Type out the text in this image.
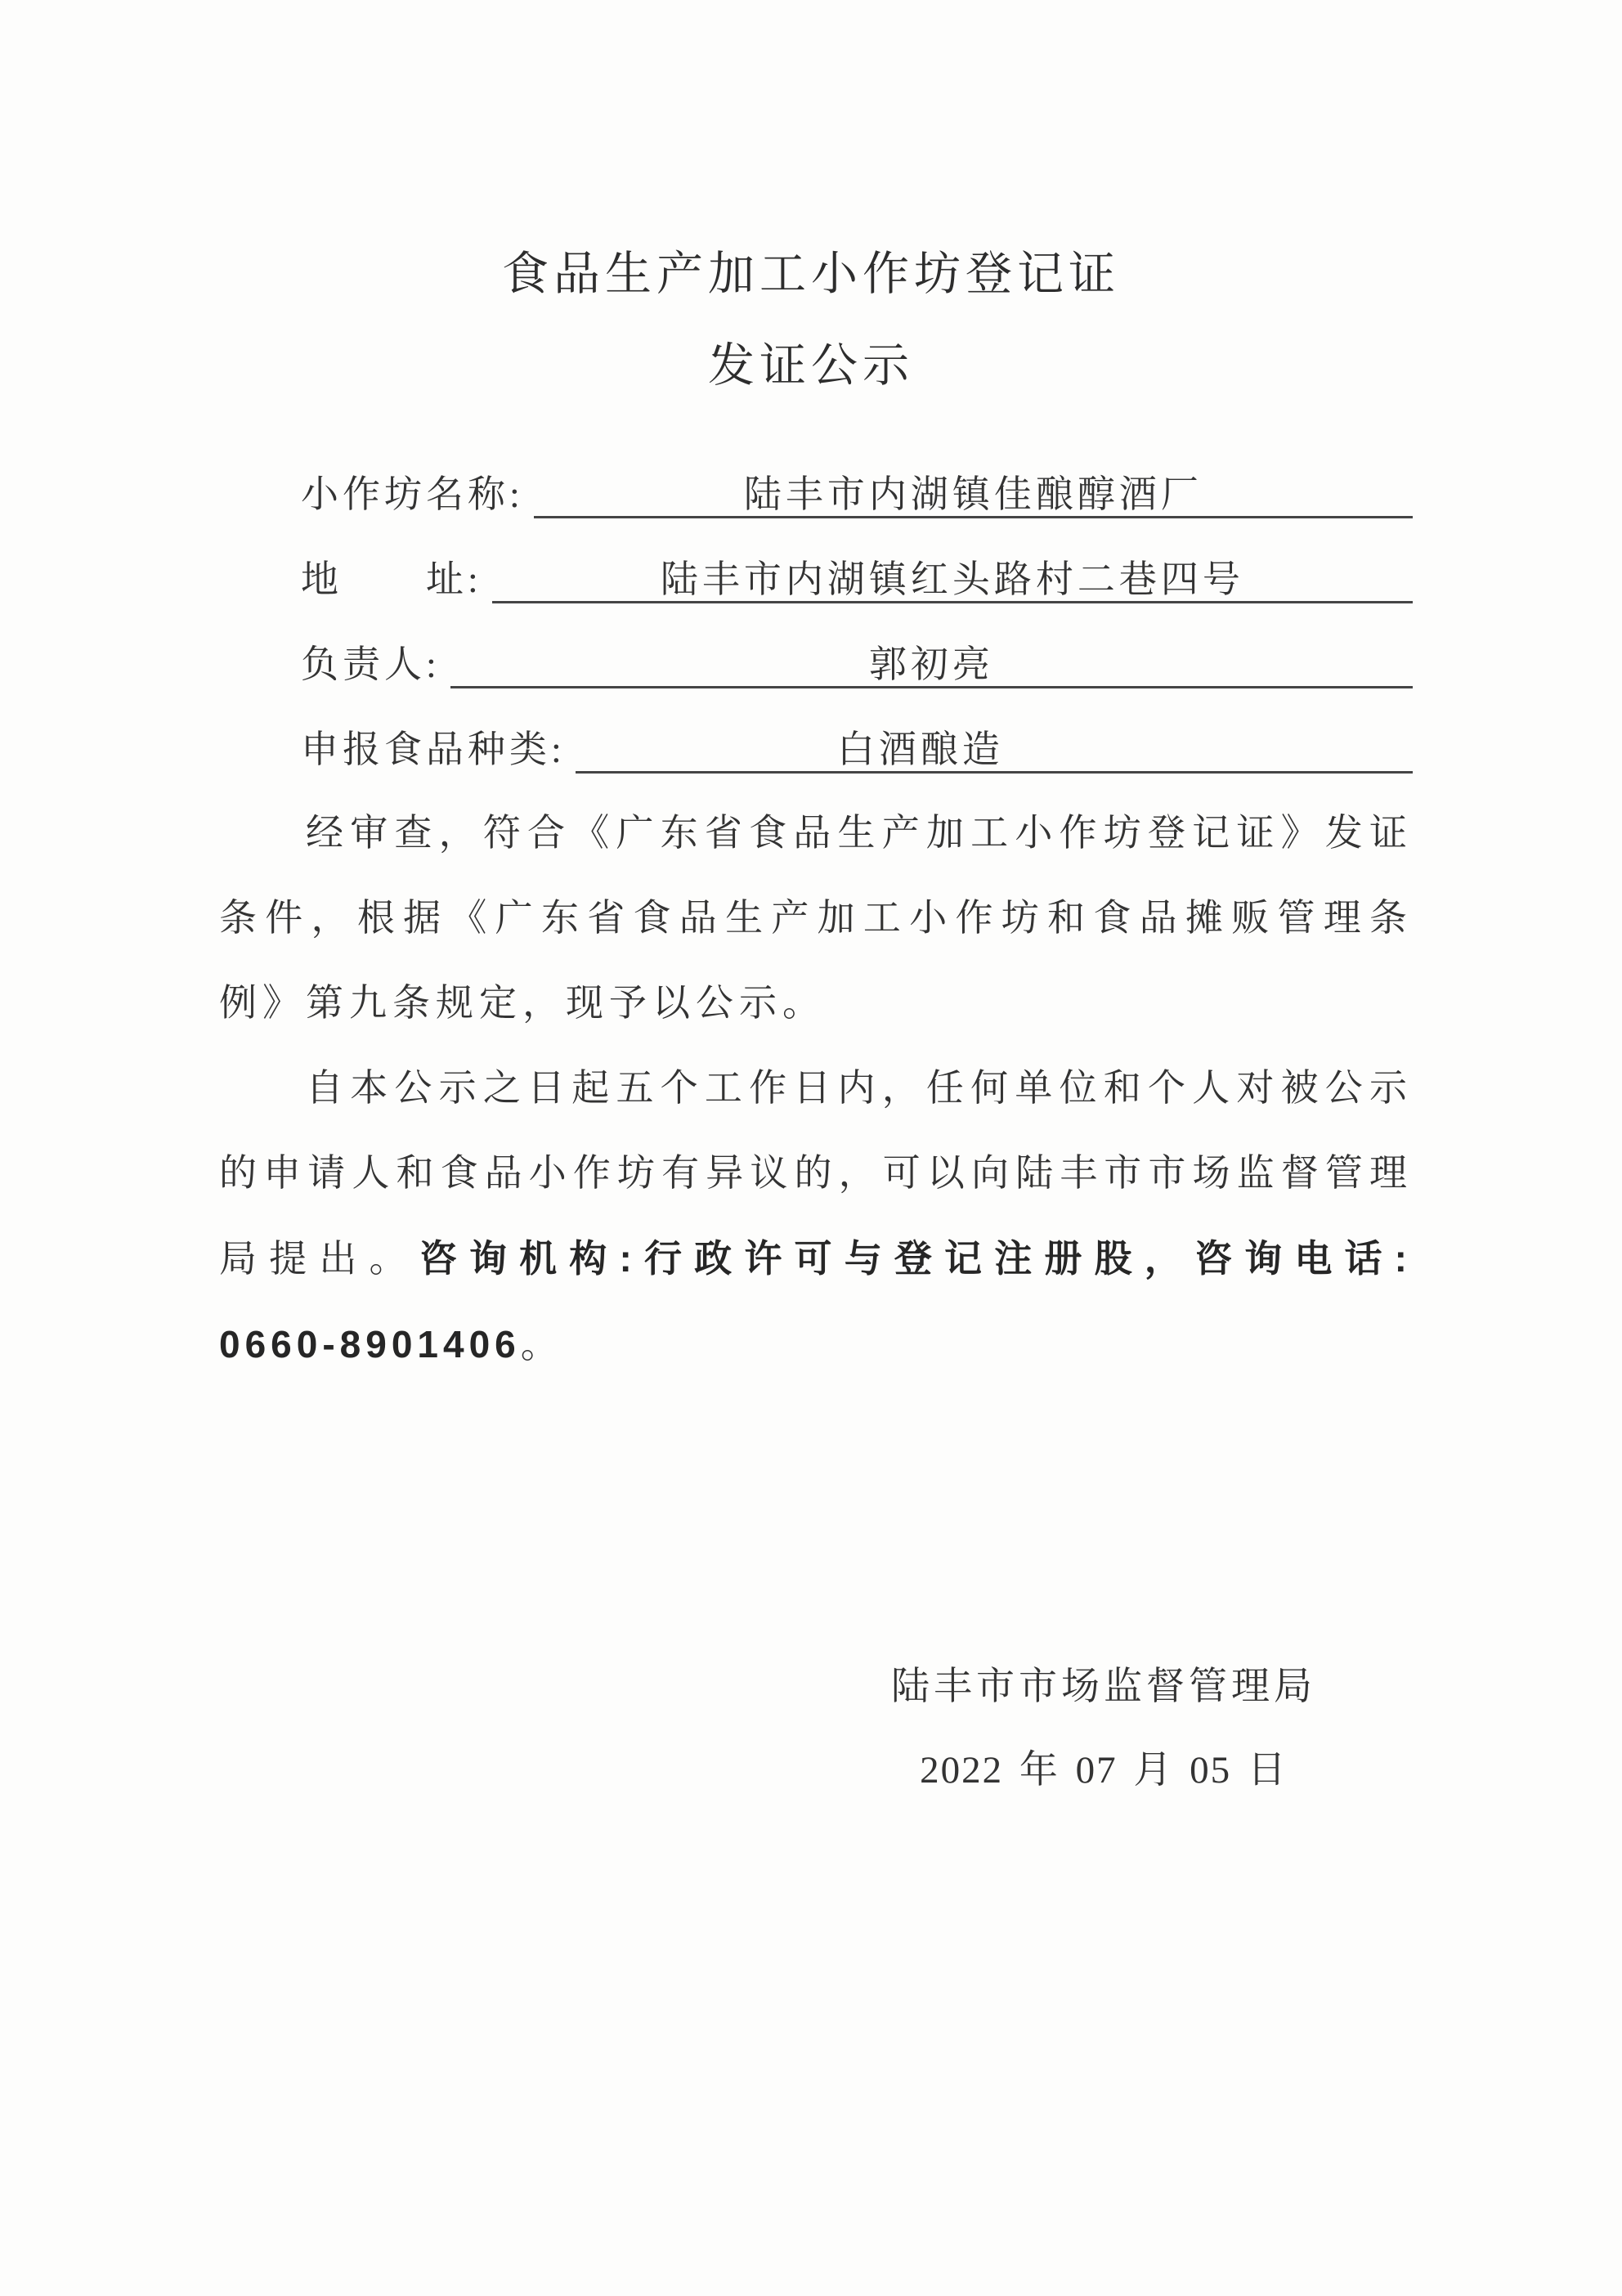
食品生产加工小作坊登记证
发证公示
小作坊名称:	陆丰市内湖镇佳酿醇酒厂
地　　址:	陆丰市内湖镇红头路村二巷四号
负责人:	郭初亮
申报食品种类:	白酒酿造

经审查，符合《广东省食品生产加工小作坊登记证》发证条件，根据《广东省食品生产加工小作坊和食品摊贩管理条例》第九条规定，现予以公示。

自本公示之日起五个工作日内，任何单位和个人对被公示的申请人和食品小作坊有异议的，可以向陆丰市市场监督管理局提出。咨询机构:行政许可与登记注册股，咨询电话:0660-8901406。

陆丰市市场监督管理局
2022 年 07 月 05 日
